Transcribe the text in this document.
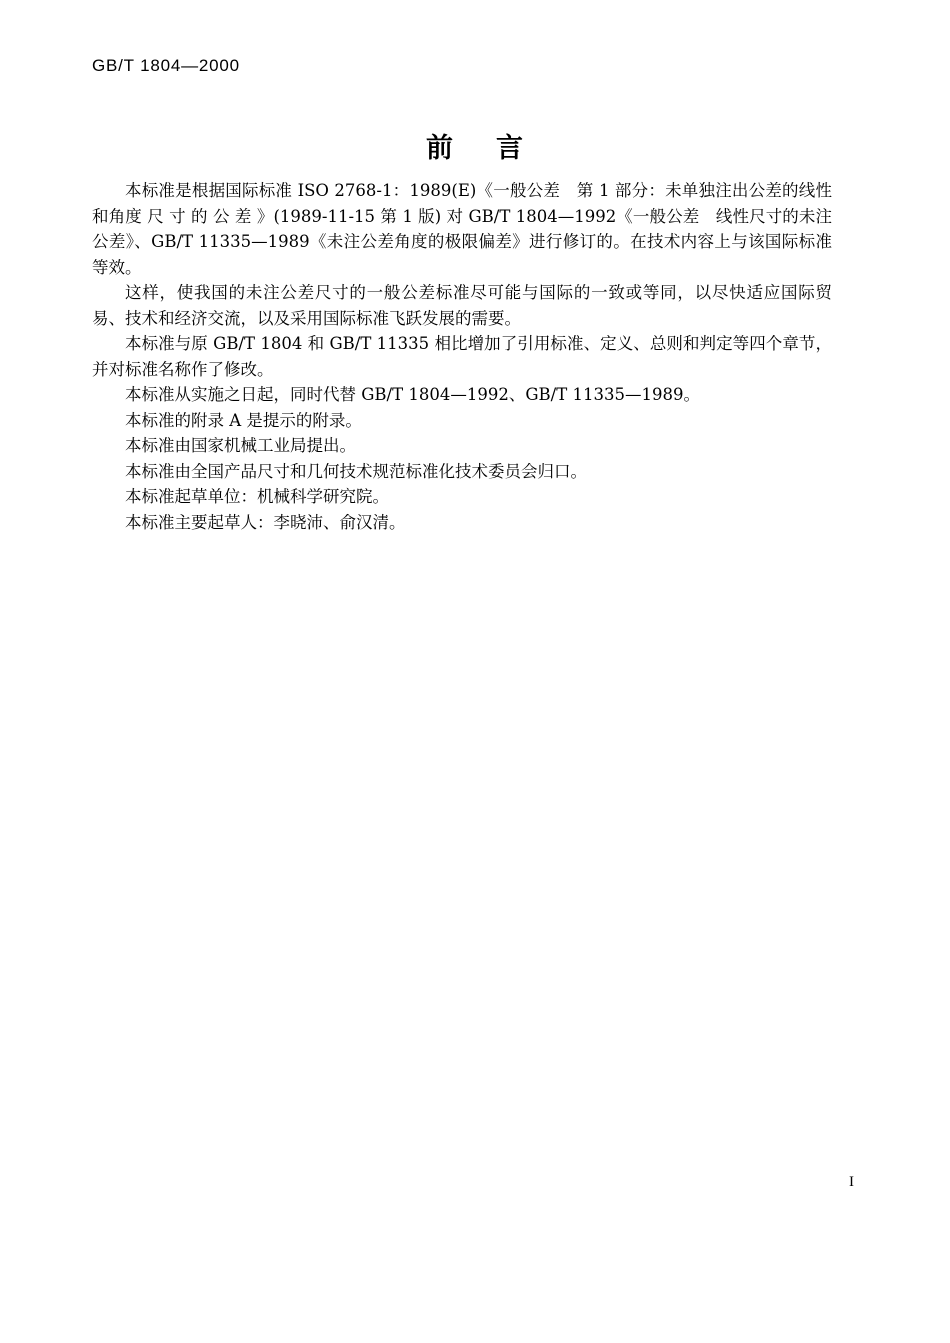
GB/T 1804—2000
前 言

本标准是根据国际标准 ISO 2768-1：1989(E)《一般公差　第 1 部分：未单独注出公差的线性和角度 尺 寸 的 公 差 》(1989-11-15 第 1 版) 对 GB/T 1804—1992《一般公差　线性尺寸的未注公差》、GB/T 11335—1989《未注公差角度的极限偏差》进行修订的。在技术内容上与该国际标准等效。

这样，使我国的未注公差尺寸的一般公差标准尽可能与国际的一致或等同，以尽快适应国际贸易、技术和经济交流，以及采用国际标准飞跃发展的需要。

本标准与原 GB/T 1804 和 GB/T 11335 相比增加了引用标准、定义、总则和判定等四个章节，并对标准名称作了修改。

本标准从实施之日起，同时代替 GB/T 1804—1992、GB/T 11335—1989。

本标准的附录 A 是提示的附录。

本标准由国家机械工业局提出。

本标准由全国产品尺寸和几何技术规范标准化技术委员会归口。

本标准起草单位：机械科学研究院。

本标准主要起草人：李晓沛、俞汉清。

I
